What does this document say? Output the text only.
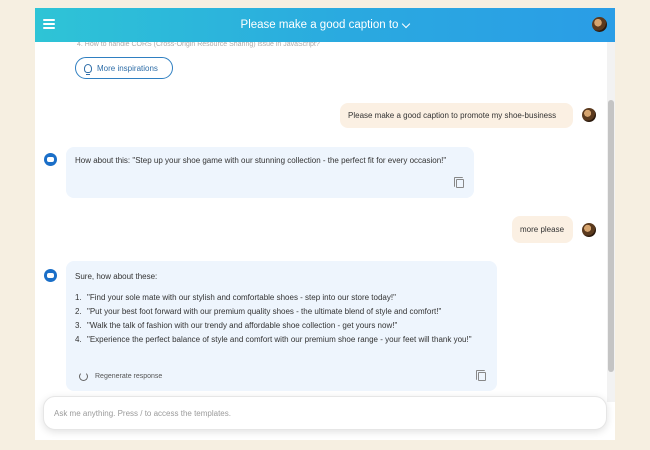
Please make a good caption to
4. How to handle CORS (Cross-Origin Resource Sharing) issue in JavaScript?
More inspirations
Please make a good caption to promote my shoe-business
How about this: "Step up your shoe game with our stunning collection - the perfect fit for every occasion!"
more please
Sure, how about these:
1. "Find your sole mate with our stylish and comfortable shoes - step into our store today!"
2. "Put your best foot forward with our premium quality shoes - the ultimate blend of style and comfort!"
3. "Walk the talk of fashion with our trendy and affordable shoe collection - get yours now!"
4. "Experience the perfect balance of style and comfort with our premium shoe range - your feet will thank you!"
Regenerate response
Ask me anything. Press / to access the templates.
